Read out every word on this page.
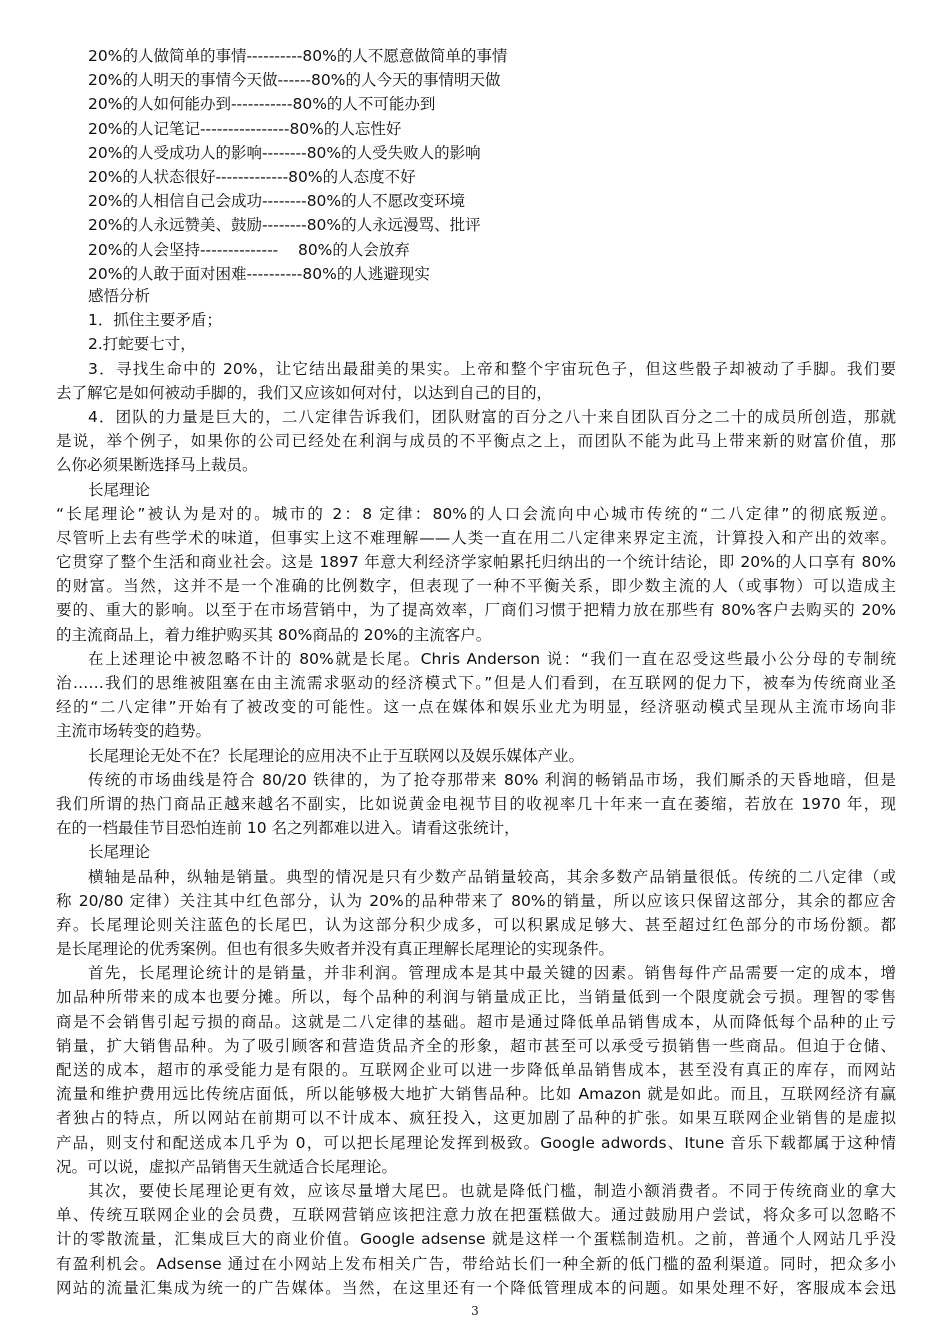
20%的人做简单的事情----------80%的人不愿意做简单的事情
20%的人明天的事情今天做------80%的人今天的事情明天做
20%的人如何能办到-----------80%的人不可能办到
20%的人记笔记----------------80%的人忘性好
20%的人受成功人的影响--------80%的人受失败人的影响
20%的人状态很好-------------80%的人态度不好
20%的人相信自己会成功--------80%的人不愿改变环境
20%的人永远赞美、鼓励--------80%的人永远漫骂、批评
20%的人会坚持--------------    80%的人会放弃
20%的人敢于面对困难----------80%的人逃避现实
感悟分析
1．抓住主要矛盾；
2.打蛇要七寸，
3．寻找生命中的 20%，让它结出最甜美的果实。上帝和整个宇宙玩色子，但这些骰子却被动了手脚。我们要
去了解它是如何被动手脚的，我们又应该如何对付，以达到自己的目的，
4．团队的力量是巨大的，二八定律告诉我们，团队财富的百分之八十来自团队百分之二十的成员所创造，那就
是说，举个例子，如果你的公司已经处在利润与成员的不平衡点之上，而团队不能为此马上带来新的财富价值，那
么你必须果断选择马上裁员。
长尾理论
“长尾理论”被认为是对的。城市的 2：8 定律：80%的人口会流向中心城市传统的“二八定律”的彻底叛逆。
尽管听上去有些学术的味道，但事实上这不难理解——人类一直在用二八定律来界定主流，计算投入和产出的效率。
它贯穿了整个生活和商业社会。这是 1897 年意大利经济学家帕累托归纳出的一个统计结论，即 20%的人口享有 80%
的财富。当然，这并不是一个准确的比例数字，但表现了一种不平衡关系，即少数主流的人（或事物）可以造成主
要的、重大的影响。以至于在市场营销中，为了提高效率，厂商们习惯于把精力放在那些有 80%客户去购买的 20%
的主流商品上，着力维护购买其 80%商品的 20%的主流客户。
在上述理论中被忽略不计的 80%就是长尾。Chris Anderson 说：“我们一直在忍受这些最小公分母的专制统
治……我们的思维被阻塞在由主流需求驱动的经济模式下。”但是人们看到，在互联网的促力下，被奉为传统商业圣
经的“二八定律”开始有了被改变的可能性。这一点在媒体和娱乐业尤为明显，经济驱动模式呈现从主流市场向非
主流市场转变的趋势。
长尾理论无处不在？长尾理论的应用决不止于互联网以及娱乐媒体产业。
传统的市场曲线是符合 80/20 铁律的，为了抢夺那带来 80% 利润的畅销品市场，我们厮杀的天昏地暗，但是
我们所谓的热门商品正越来越名不副实，比如说黄金电视节目的收视率几十年来一直在萎缩，若放在 1970 年，现
在的一档最佳节目恐怕连前 10 名之列都难以进入。请看这张统计，
长尾理论
横轴是品种，纵轴是销量。典型的情况是只有少数产品销量较高，其余多数产品销量很低。传统的二八定律（或
称 20/80 定律）关注其中红色部分，认为 20%的品种带来了 80%的销量，所以应该只保留这部分，其余的都应舍
弃。长尾理论则关注蓝色的长尾巴，认为这部分积少成多，可以积累成足够大、甚至超过红色部分的市场份额。都
是长尾理论的优秀案例。但也有很多失败者并没有真正理解长尾理论的实现条件。
首先，长尾理论统计的是销量，并非利润。管理成本是其中最关键的因素。销售每件产品需要一定的成本，增
加品种所带来的成本也要分摊。所以，每个品种的利润与销量成正比，当销量低到一个限度就会亏损。理智的零售
商是不会销售引起亏损的商品。这就是二八定律的基础。超市是通过降低单品销售成本，从而降低每个品种的止亏
销量，扩大销售品种。为了吸引顾客和营造货品齐全的形象，超市甚至可以承受亏损销售一些商品。但迫于仓储、
配送的成本，超市的承受能力是有限的。互联网企业可以进一步降低单品销售成本，甚至没有真正的库存，而网站
流量和维护费用远比传统店面低，所以能够极大地扩大销售品种。比如 Amazon 就是如此。而且，互联网经济有赢
者独占的特点，所以网站在前期可以不计成本、疯狂投入，这更加剧了品种的扩张。如果互联网企业销售的是虚拟
产品，则支付和配送成本几乎为 0，可以把长尾理论发挥到极致。Google adwords、Itune 音乐下载都属于这种情
况。可以说，虚拟产品销售天生就适合长尾理论。
其次，要使长尾理论更有效，应该尽量增大尾巴。也就是降低门槛，制造小额消费者。不同于传统商业的拿大
单、传统互联网企业的会员费，互联网营销应该把注意力放在把蛋糕做大。通过鼓励用户尝试，将众多可以忽略不
计的零散流量，汇集成巨大的商业价值。Google adsense 就是这样一个蛋糕制造机。之前，普通个人网站几乎没
有盈利机会。Adsense 通过在小网站上发布相关广告，带给站长们一种全新的低门槛的盈利渠道。同时，把众多小
网站的流量汇集成为统一的广告媒体。当然，在这里还有一个降低管理成本的问题。如果处理不好，客服成本会迅
3
